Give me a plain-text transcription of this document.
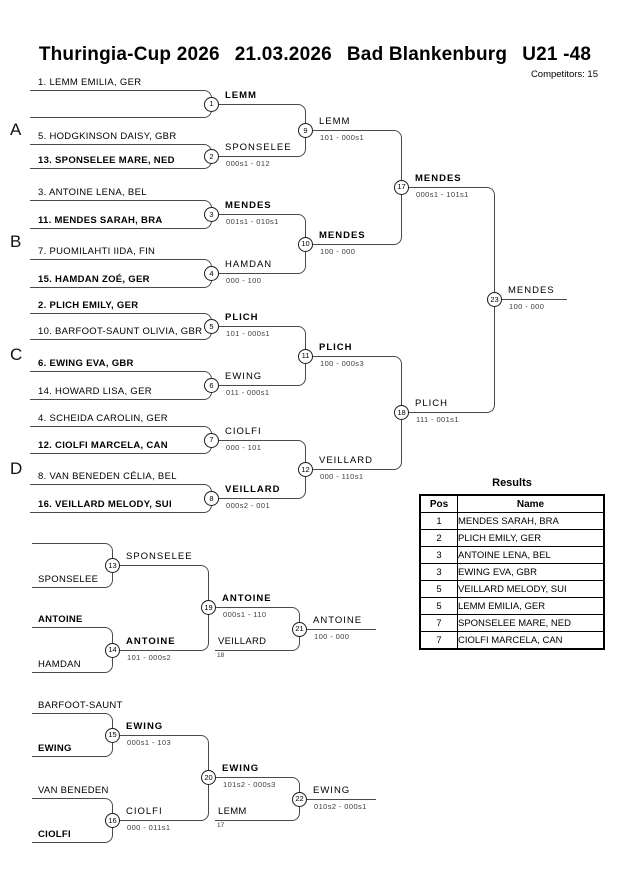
Thuringia-Cup 2026 21.03.2026 Bad Blankenburg U21 -48
Competitors: 15
A
B
C
D
1. LEMM EMILIA, GER
5. HODGKINSON DAISY, GBR
13. SPONSELEE MARE, NED
3. ANTOINE LENA, BEL
11. MENDES SARAH, BRA
7. PUOMILAHTI IIDA, FIN
15. HAMDAN ZOÉ, GER
2. PLICH EMILY, GER
10. BARFOOT-SAUNT OLIVIA, GBR
6. EWING EVA, GBR
14. HOWARD LISA, GER
4. SCHEIDA CAROLIN, GER
12. CIOLFI MARCELA, CAN
8. VAN BENEDEN CÉLIA, BEL
16. VEILLARD MELODY, SUI
SPONSELEE
ANTOINE
HAMDAN
BARFOOT-SAUNT
EWING
VAN BENEDEN
CIOLFI
VEILLARD
18
LEMM
17
1
LEMM
2
SPONSELEE
000s1 - 012
3
MENDES
001s1 - 010s1
4
HAMDAN
000 - 100
5
PLICH
101 - 000s1
6
EWING
011 - 000s1
7
CIOLFI
000 - 101
8
VEILLARD
000s2 - 001
9
LEMM
101 - 000s1
10
MENDES
100 - 000
11
PLICH
100 - 000s3
12
VEILLARD
000 - 110s1
13
SPONSELEE
14
ANTOINE
101 - 000s2
15
EWING
000s1 - 103
16
CIOLFI
000 - 011s1
17
MENDES
000s1 - 101s1
18
PLICH
111 - 001s1
19
ANTOINE
000s1 - 110
20
EWING
101s2 - 000s3
21
ANTOINE
100 - 000
22
EWING
010s2 - 000s1
23
MENDES
100 - 000
Results
Pos	Name
1	MENDES SARAH, BRA
2	PLICH EMILY, GER
3	ANTOINE LENA, BEL
3	EWING EVA, GBR
5	VEILLARD MELODY, SUI
5	LEMM EMILIA, GER
7	SPONSELEE MARE, NED
7	CIOLFI MARCELA, CAN
